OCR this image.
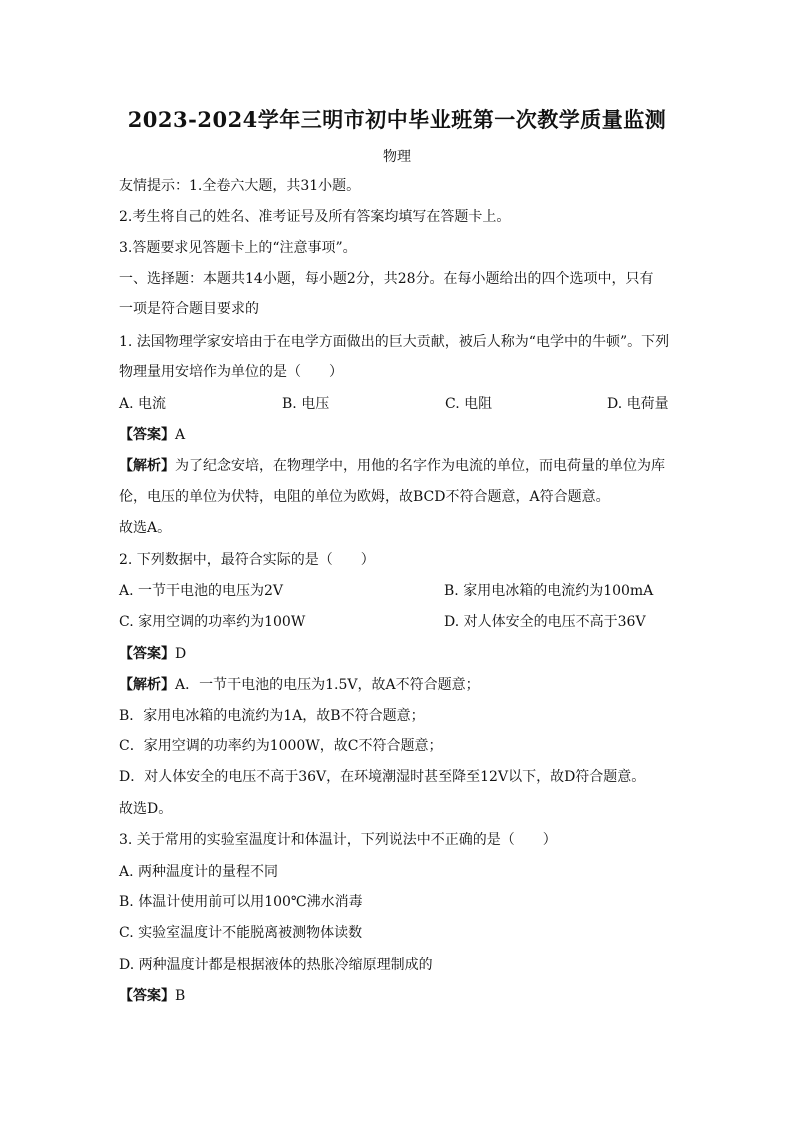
2023-2024学年三明市初中毕业班第一次教学质量监测
物理
友情提示：1.全卷六大题，共31小题。
2.考生将自己的姓名、准考证号及所有答案均填写在答题卡上。
3.答题要求见答题卡上的“注意事项”。
一、选择题：本题共14小题，每小题2分，共28分。在每小题给出的四个选项中，只有
一项是符合题目要求的
1. 法国物理学家安培由于在电学方面做出的巨大贡献，被后人称为“电学中的牛顿”。下列
物理量用安培作为单位的是（　　）
A. 电流	B. 电压	C. 电阻	D. 电荷量
【答案】A
【解析】为了纪念安培，在物理学中，用他的名字作为电流的单位，而电荷量的单位为库
伦，电压的单位为伏特，电阻的单位为欧姆，故BCD不符合题意，A符合题意。
故选A。
2. 下列数据中，最符合实际的是（　　）
A. 一节干电池的电压为2V	B. 家用电冰箱的电流约为100mA
C. 家用空调的功率约为100W	D. 对人体安全的电压不高于36V
【答案】D
【解析】A．一节干电池的电压为1.5V，故A不符合题意；
B．家用电冰箱的电流约为1A，故B不符合题意；
C．家用空调的功率约为1000W，故C不符合题意；
D．对人体安全的电压不高于36V，在环境潮湿时甚至降至12V以下，故D符合题意。
故选D。
3. 关于常用的实验室温度计和体温计，下列说法中不正确的是（　　）
A. 两种温度计的量程不同
B. 体温计使用前可以用100℃沸水消毒
C. 实验室温度计不能脱离被测物体读数
D. 两种温度计都是根据液体的热胀冷缩原理制成的
【答案】B
